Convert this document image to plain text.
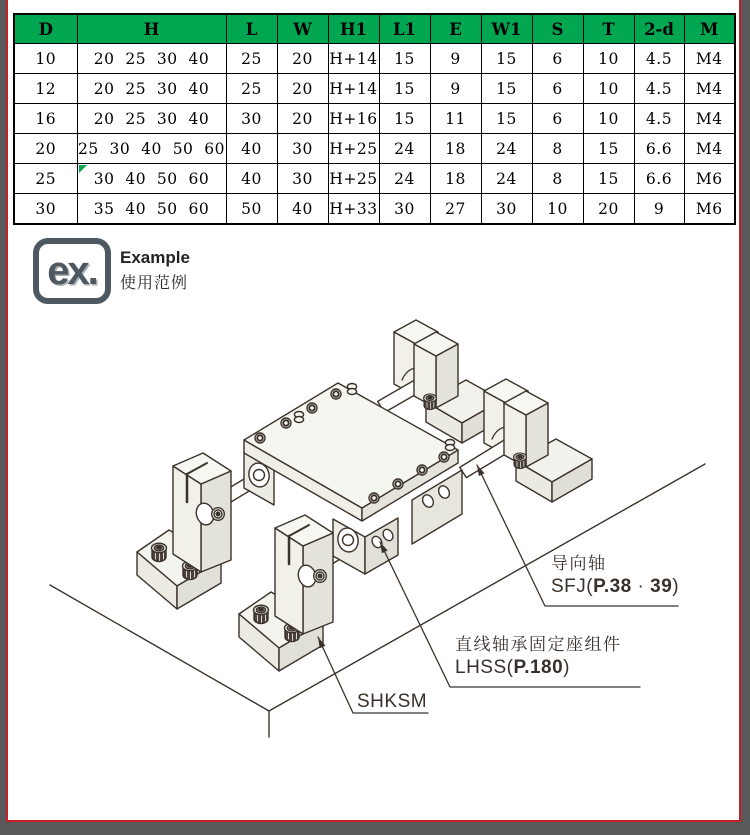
D	H	L	W	H1	L1	E	W1	S	T	2-d	M
10	20  25  30  40	25	20	H+14	15	9	15	6	10	4.5	M4
12	20  25  30  40	25	20	H+14	15	9	15	6	10	4.5	M4
16	20  25  30  40	30	20	H+16	15	11	15	6	10	4.5	M4
20	25  30  40  50  60	40	30	H+25	24	18	24	8	15	6.6	M4
25	30  40  50  60	40	30	H+25	24	18	24	8	15	6.6	M6
30	35  40  50  60	50	40	H+33	30	27	30	10	20	9	M6
ex.	Example
使用范例
导向轴
SFJ(P.38 · 39)
直线轴承固定座组件
LHSS(P.180)
SHKSM
